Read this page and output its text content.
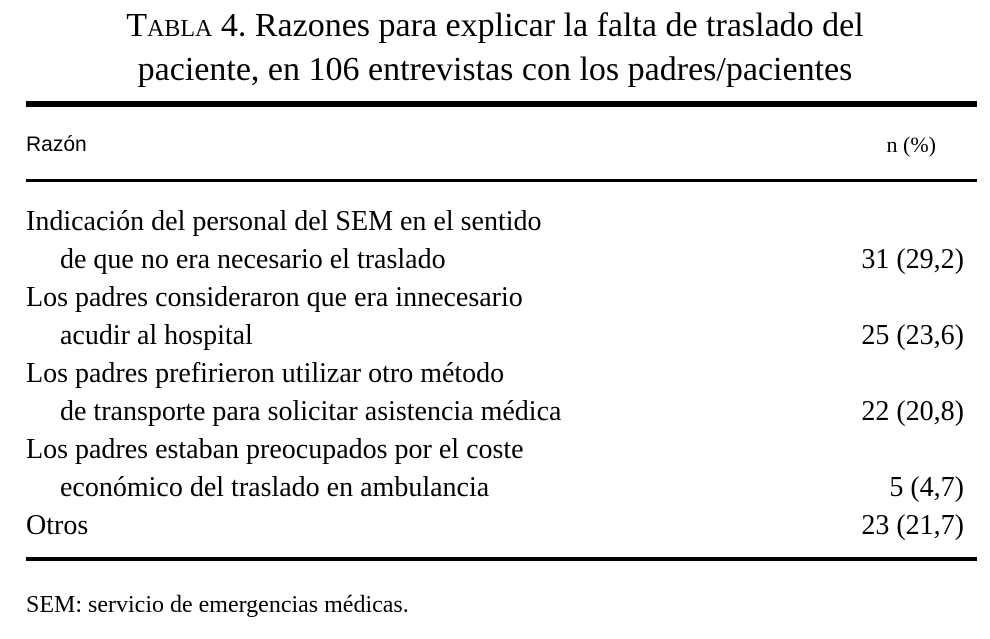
Tabla 4. Razones para explicar la falta de traslado del
paciente, en 106 entrevistas con los padres/pacientes
Razón	n (%)
Indicación del personal del SEM en el sentido
de que no era necesario el traslado	31 (29,2)
Los padres consideraron que era innecesario
acudir al hospital	25 (23,6)
Los padres prefirieron utilizar otro método
de transporte para solicitar asistencia médica	22 (20,8)
Los padres estaban preocupados por el coste
económico del traslado en ambulancia	5 (4,7)
Otros	23 (21,7)
SEM: servicio de emergencias médicas.
